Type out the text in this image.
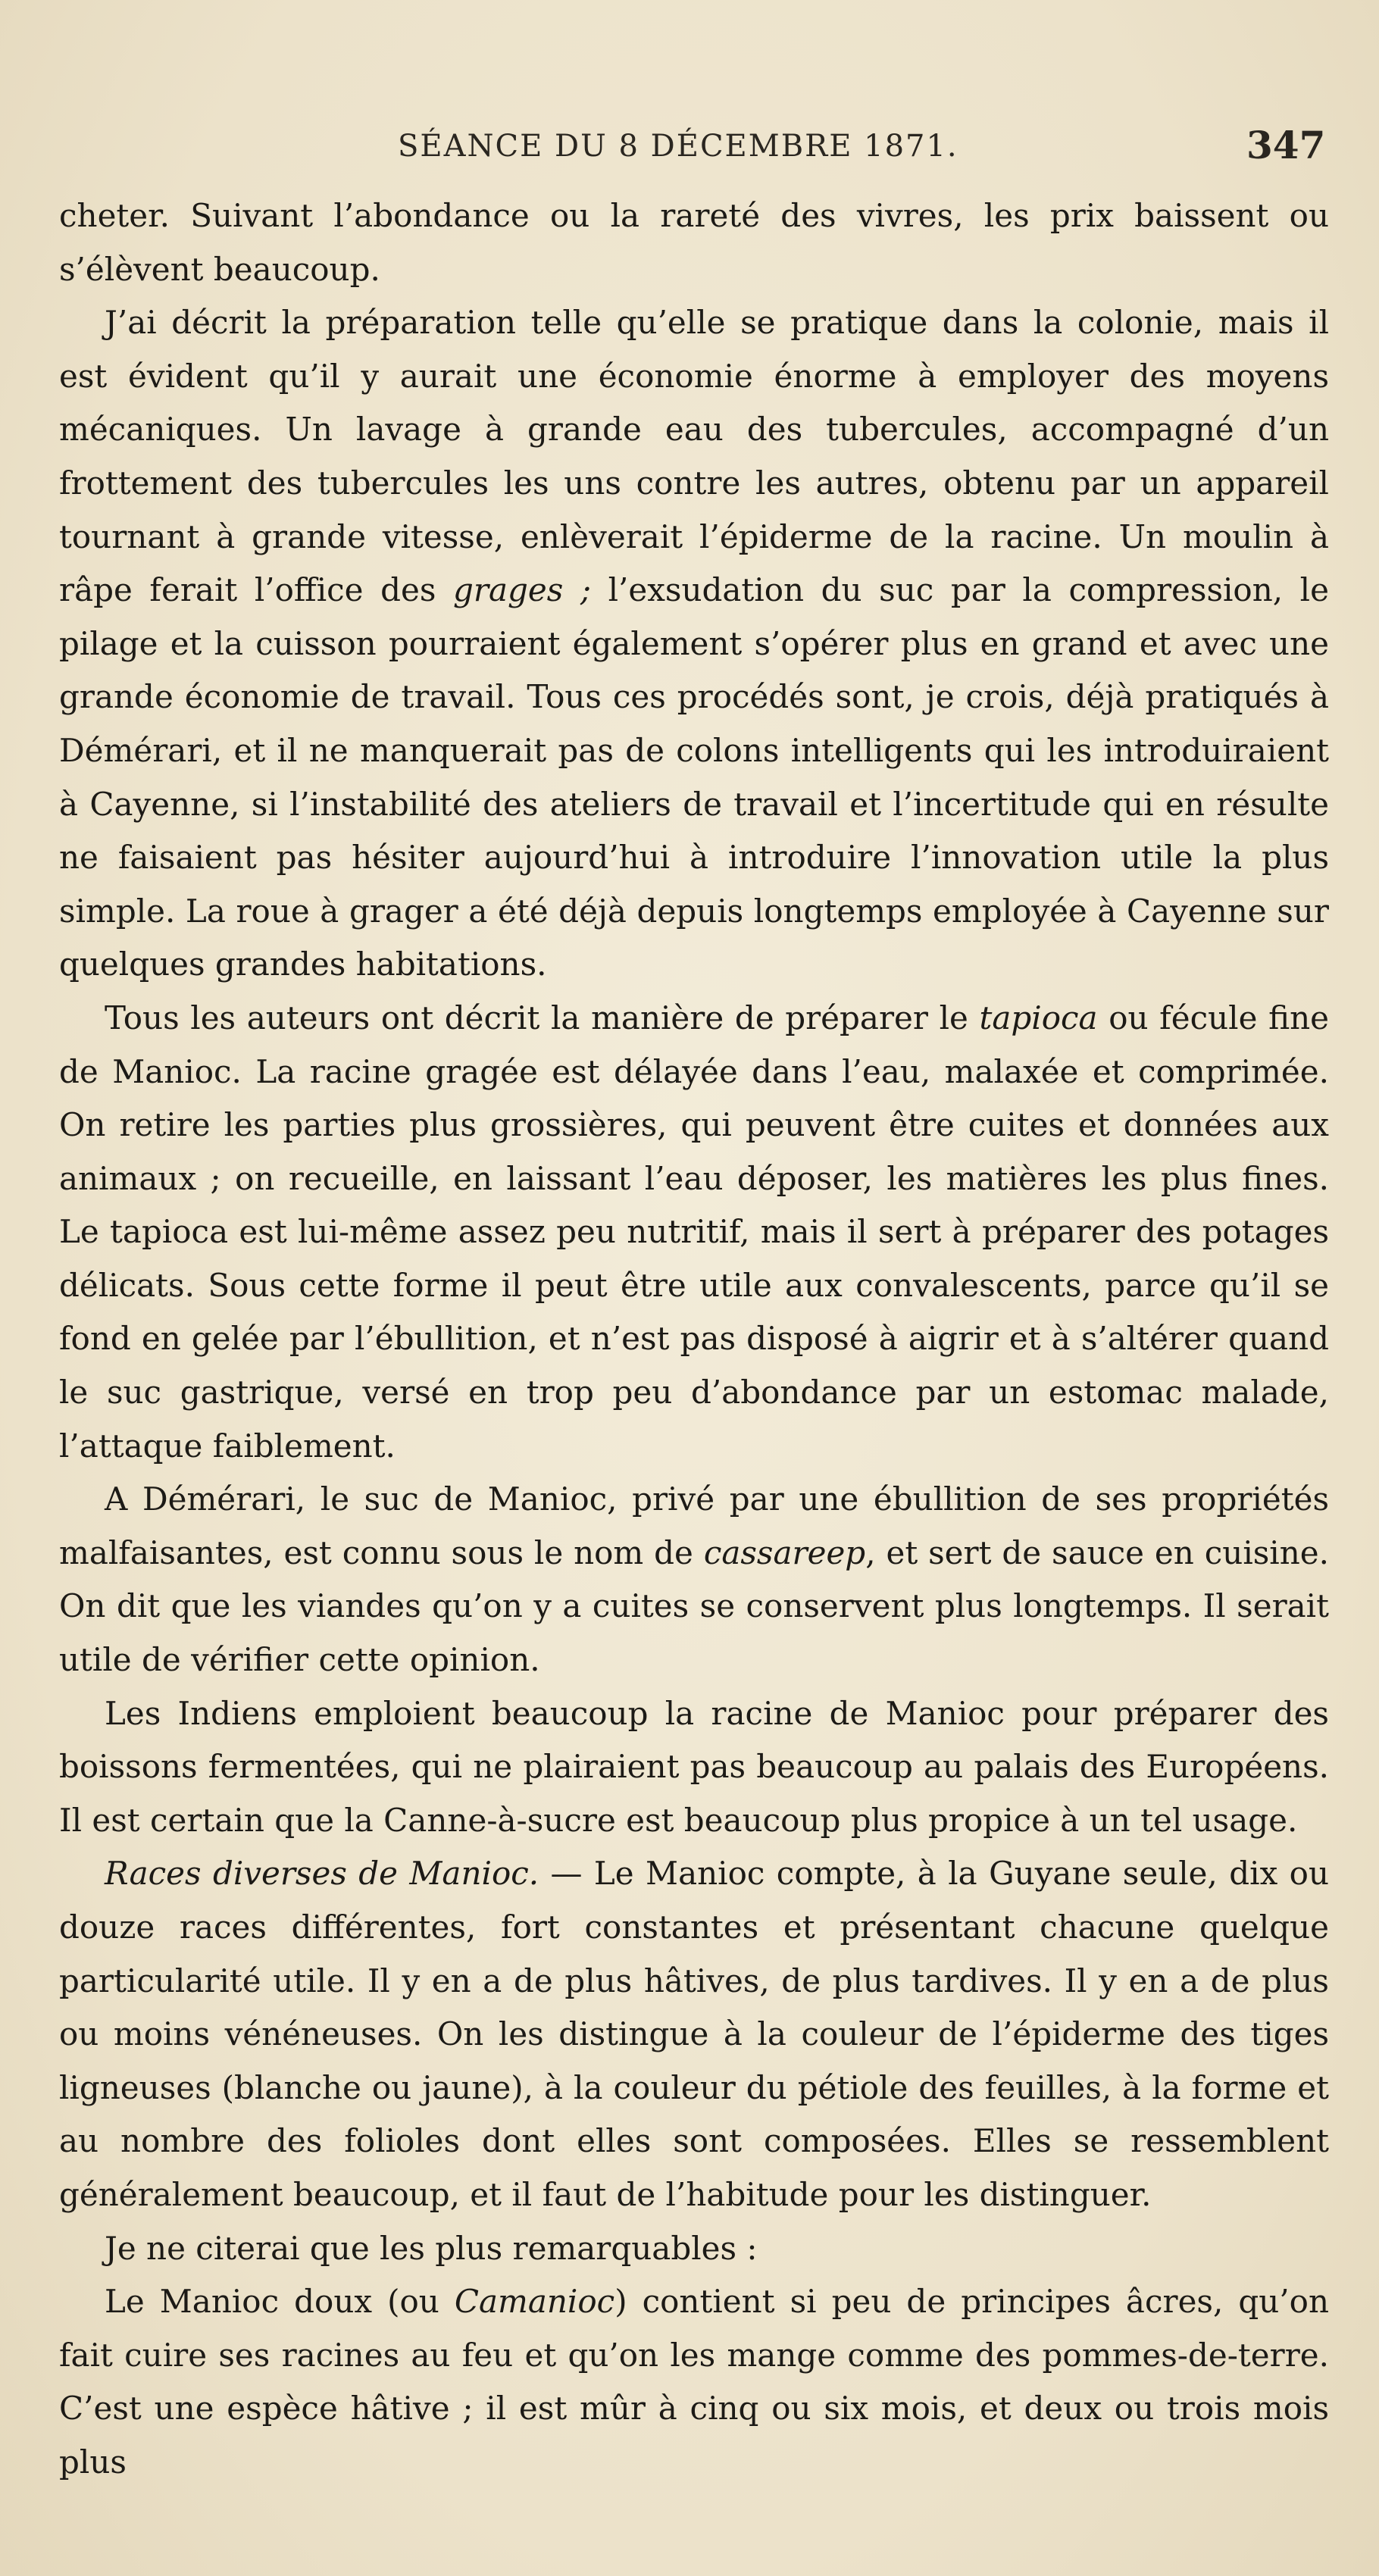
SÉANCE DU 8 DÉCEMBRE 1871.	347

cheter. Suivant l’abondance ou la rareté des vivres, les prix baissent ou s’élèvent beaucoup.

J’ai décrit la préparation telle qu’elle se pratique dans la colonie, mais il est évident qu’il y aurait une économie énorme à employer des moyens mécaniques. Un lavage à grande eau des tubercules, accompagné d’un frottement des tubercules les uns contre les autres, obtenu par un appareil tournant à grande vitesse, enlèverait l’épiderme de la racine. Un moulin à râpe ferait l’office des grages ; l’exsudation du suc par la compression, le pilage et la cuisson pourraient également s’opérer plus en grand et avec une grande économie de travail. Tous ces procédés sont, je crois, déjà pratiqués à Démérari, et il ne manquerait pas de colons intelligents qui les introduiraient à Cayenne, si l’instabilité des ateliers de travail et l’incertitude qui en résulte ne faisaient pas hésiter aujourd’hui à introduire l’innovation utile la plus simple. La roue à grager a été déjà depuis longtemps employée à Cayenne sur quelques grandes habitations.

Tous les auteurs ont décrit la manière de préparer le tapioca ou fécule fine de Manioc. La racine gragée est délayée dans l’eau, malaxée et comprimée. On retire les parties plus grossières, qui peuvent être cuites et données aux animaux ; on recueille, en laissant l’eau déposer, les matières les plus fines. Le tapioca est lui-même assez peu nutritif, mais il sert à préparer des potages délicats. Sous cette forme il peut être utile aux convalescents, parce qu’il se fond en gelée par l’ébullition, et n’est pas disposé à aigrir et à s’altérer quand le suc gastrique, versé en trop peu d’abondance par un estomac malade, l’attaque faiblement.

A Démérari, le suc de Manioc, privé par une ébullition de ses propriétés malfaisantes, est connu sous le nom de cassareep, et sert de sauce en cuisine. On dit que les viandes qu’on y a cuites se conservent plus longtemps. Il serait utile de vérifier cette opinion.

Les Indiens emploient beaucoup la racine de Manioc pour préparer des boissons fermentées, qui ne plairaient pas beaucoup au palais des Européens. Il est certain que la Canne-à-sucre est beaucoup plus propice à un tel usage.

Races diverses de Manioc. — Le Manioc compte, à la Guyane seule, dix ou douze races différentes, fort constantes et présentant chacune quelque particularité utile. Il y en a de plus hâtives, de plus tardives. Il y en a de plus ou moins vénéneuses. On les distingue à la couleur de l’épiderme des tiges ligneuses (blanche ou jaune), à la couleur du pétiole des feuilles, à la forme et au nombre des folioles dont elles sont composées. Elles se ressemblent généralement beaucoup, et il faut de l’habitude pour les distinguer.

Je ne citerai que les plus remarquables :

Le Manioc doux (ou Camanioc) contient si peu de principes âcres, qu’on fait cuire ses racines au feu et qu’on les mange comme des pommes-de-terre. C’est une espèce hâtive ; il est mûr à cinq ou six mois, et deux ou trois mois plus
